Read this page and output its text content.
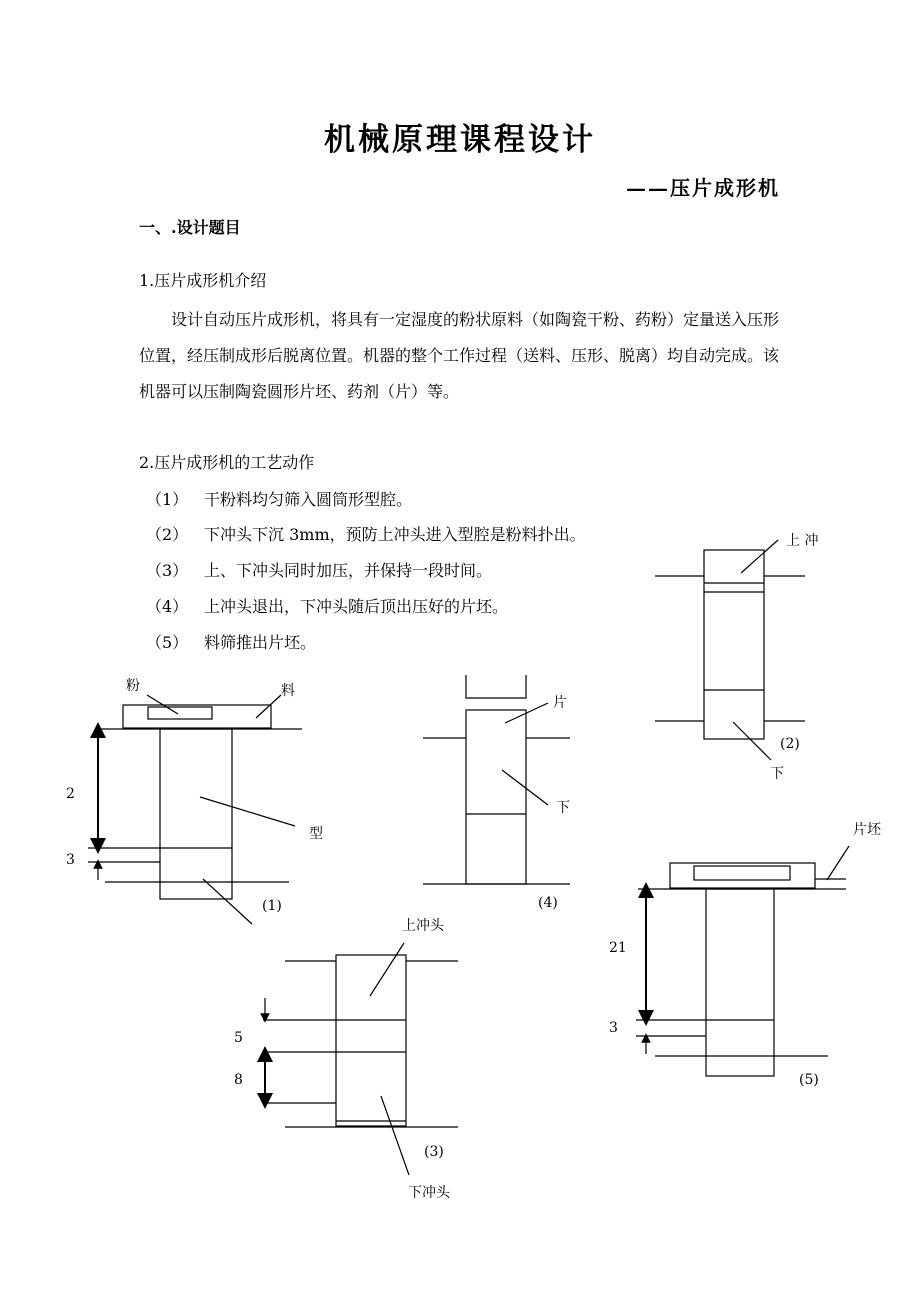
机械原理课程设计
——压片成形机
一、.设计题目
1.压片成形机介绍
设计自动压片成形机，将具有一定湿度的粉状原料（如陶瓷干粉、药粉）定量送入压形位置，经压制成形后脱离位置。机器的整个工作过程（送料、压形、脱离）均自动完成。该机器可以压制陶瓷圆形片坯、药剂（片）等。
2.压片成形机的工艺动作
（1） 干粉料均匀筛入圆筒形型腔。
（2） 下冲头下沉 3mm，预防上冲头进入型腔是粉料扑出。
（3） 上、下冲头同时加压，并保持一段时间。
（4） 上冲头退出，下冲头随后顶出压好的片坯。
（5） 料筛推出片坯。
粉	料
型
2
3
(1)
上 冲
下
(2)
片
下
(4)
上冲头
下冲头
5
8
(3)
片坯
21
3
(5)
